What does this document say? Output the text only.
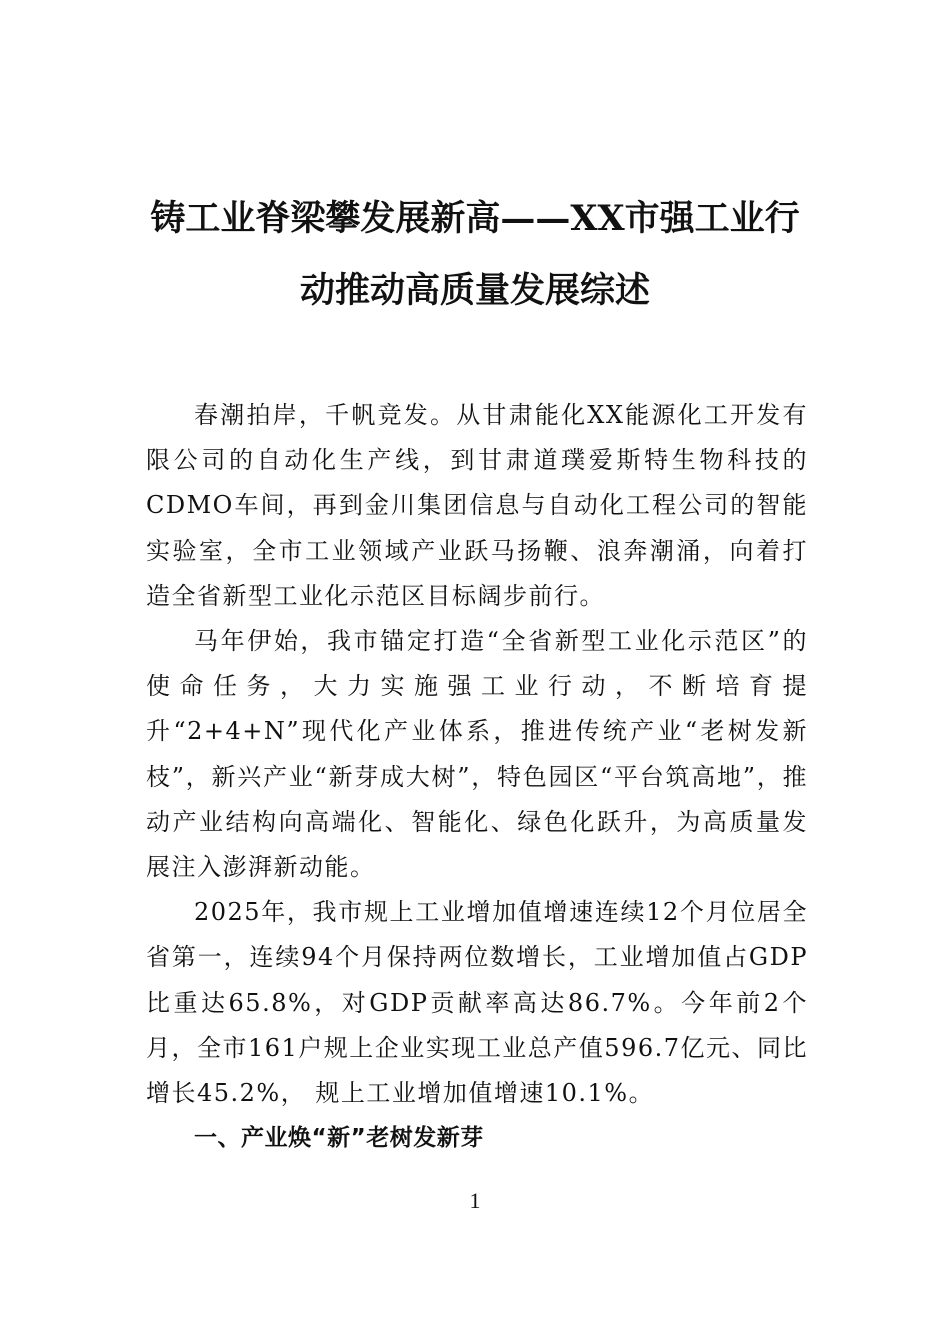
铸工业脊梁攀发展新高——XX市强工业行
动推动高质量发展综述

春潮拍岸，千帆竞发。从甘肃能化XX能源化工开发有限公司的自动化生产线，到甘肃道璞爱斯特生物科技的CDMO车间，再到金川集团信息与自动化工程公司的智能实验室，全市工业领域产业跃马扬鞭、浪奔潮涌，向着打造全省新型工业化示范区目标阔步前行。

马年伊始，我市锚定打造“全省新型工业化示范区”的使命任务，大力实施强工业行动，不断培育提升“2+4+N”现代化产业体系，推进传统产业“老树发新枝”，新兴产业“新芽成大树”，特色园区“平台筑高地”，推动产业结构向高端化、智能化、绿色化跃升，为高质量发展注入澎湃新动能。

2025年，我市规上工业增加值增速连续12个月位居全省第一，连续94个月保持两位数增长，工业增加值占GDP比重达65.8%，对GDP贡献率高达86.7%。今年前2个月，全市161户规上企业实现工业总产值596.7亿元、同比增长45.2%， 规上工业增加值增速10.1%。

一、产业焕“新”老树发新芽

1
